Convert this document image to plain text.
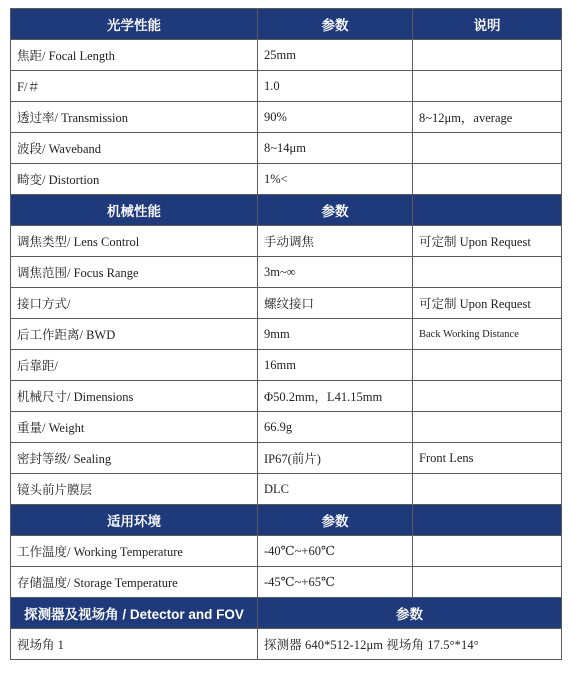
光学性能	参数	说明
焦距/ Focal Length	25mm	
F/＃	1.0	
透过率/ Transmission	90%	8~12μm，average
波段/ Waveband	8~14μm	
畸变/ Distortion	1%<	
机械性能	参数	
调焦类型/ Lens Control	手动调焦	可定制 Upon Request
调焦范围/ Focus Range	3m~∞	
接口方式/	螺纹接口	可定制 Upon Request
后工作距离/ BWD	9mm	Back Working Distance
后靠距/	16mm	
机械尺寸/ Dimensions	Φ50.2mm，L41.15mm	
重量/ Weight	66.9g	
密封等级/ Sealing	IP67(前片)	Front Lens
镜头前片膜层	DLC	
适用环境	参数	
工作温度/ Working Temperature	-40℃~+60℃	
存储温度/ Storage Temperature	-45℃~+65℃	
探测器及视场角 / Detector and FOV	参数	
视场角 1	探测器 640*512-12μm 视场角 17.5°*14°	
